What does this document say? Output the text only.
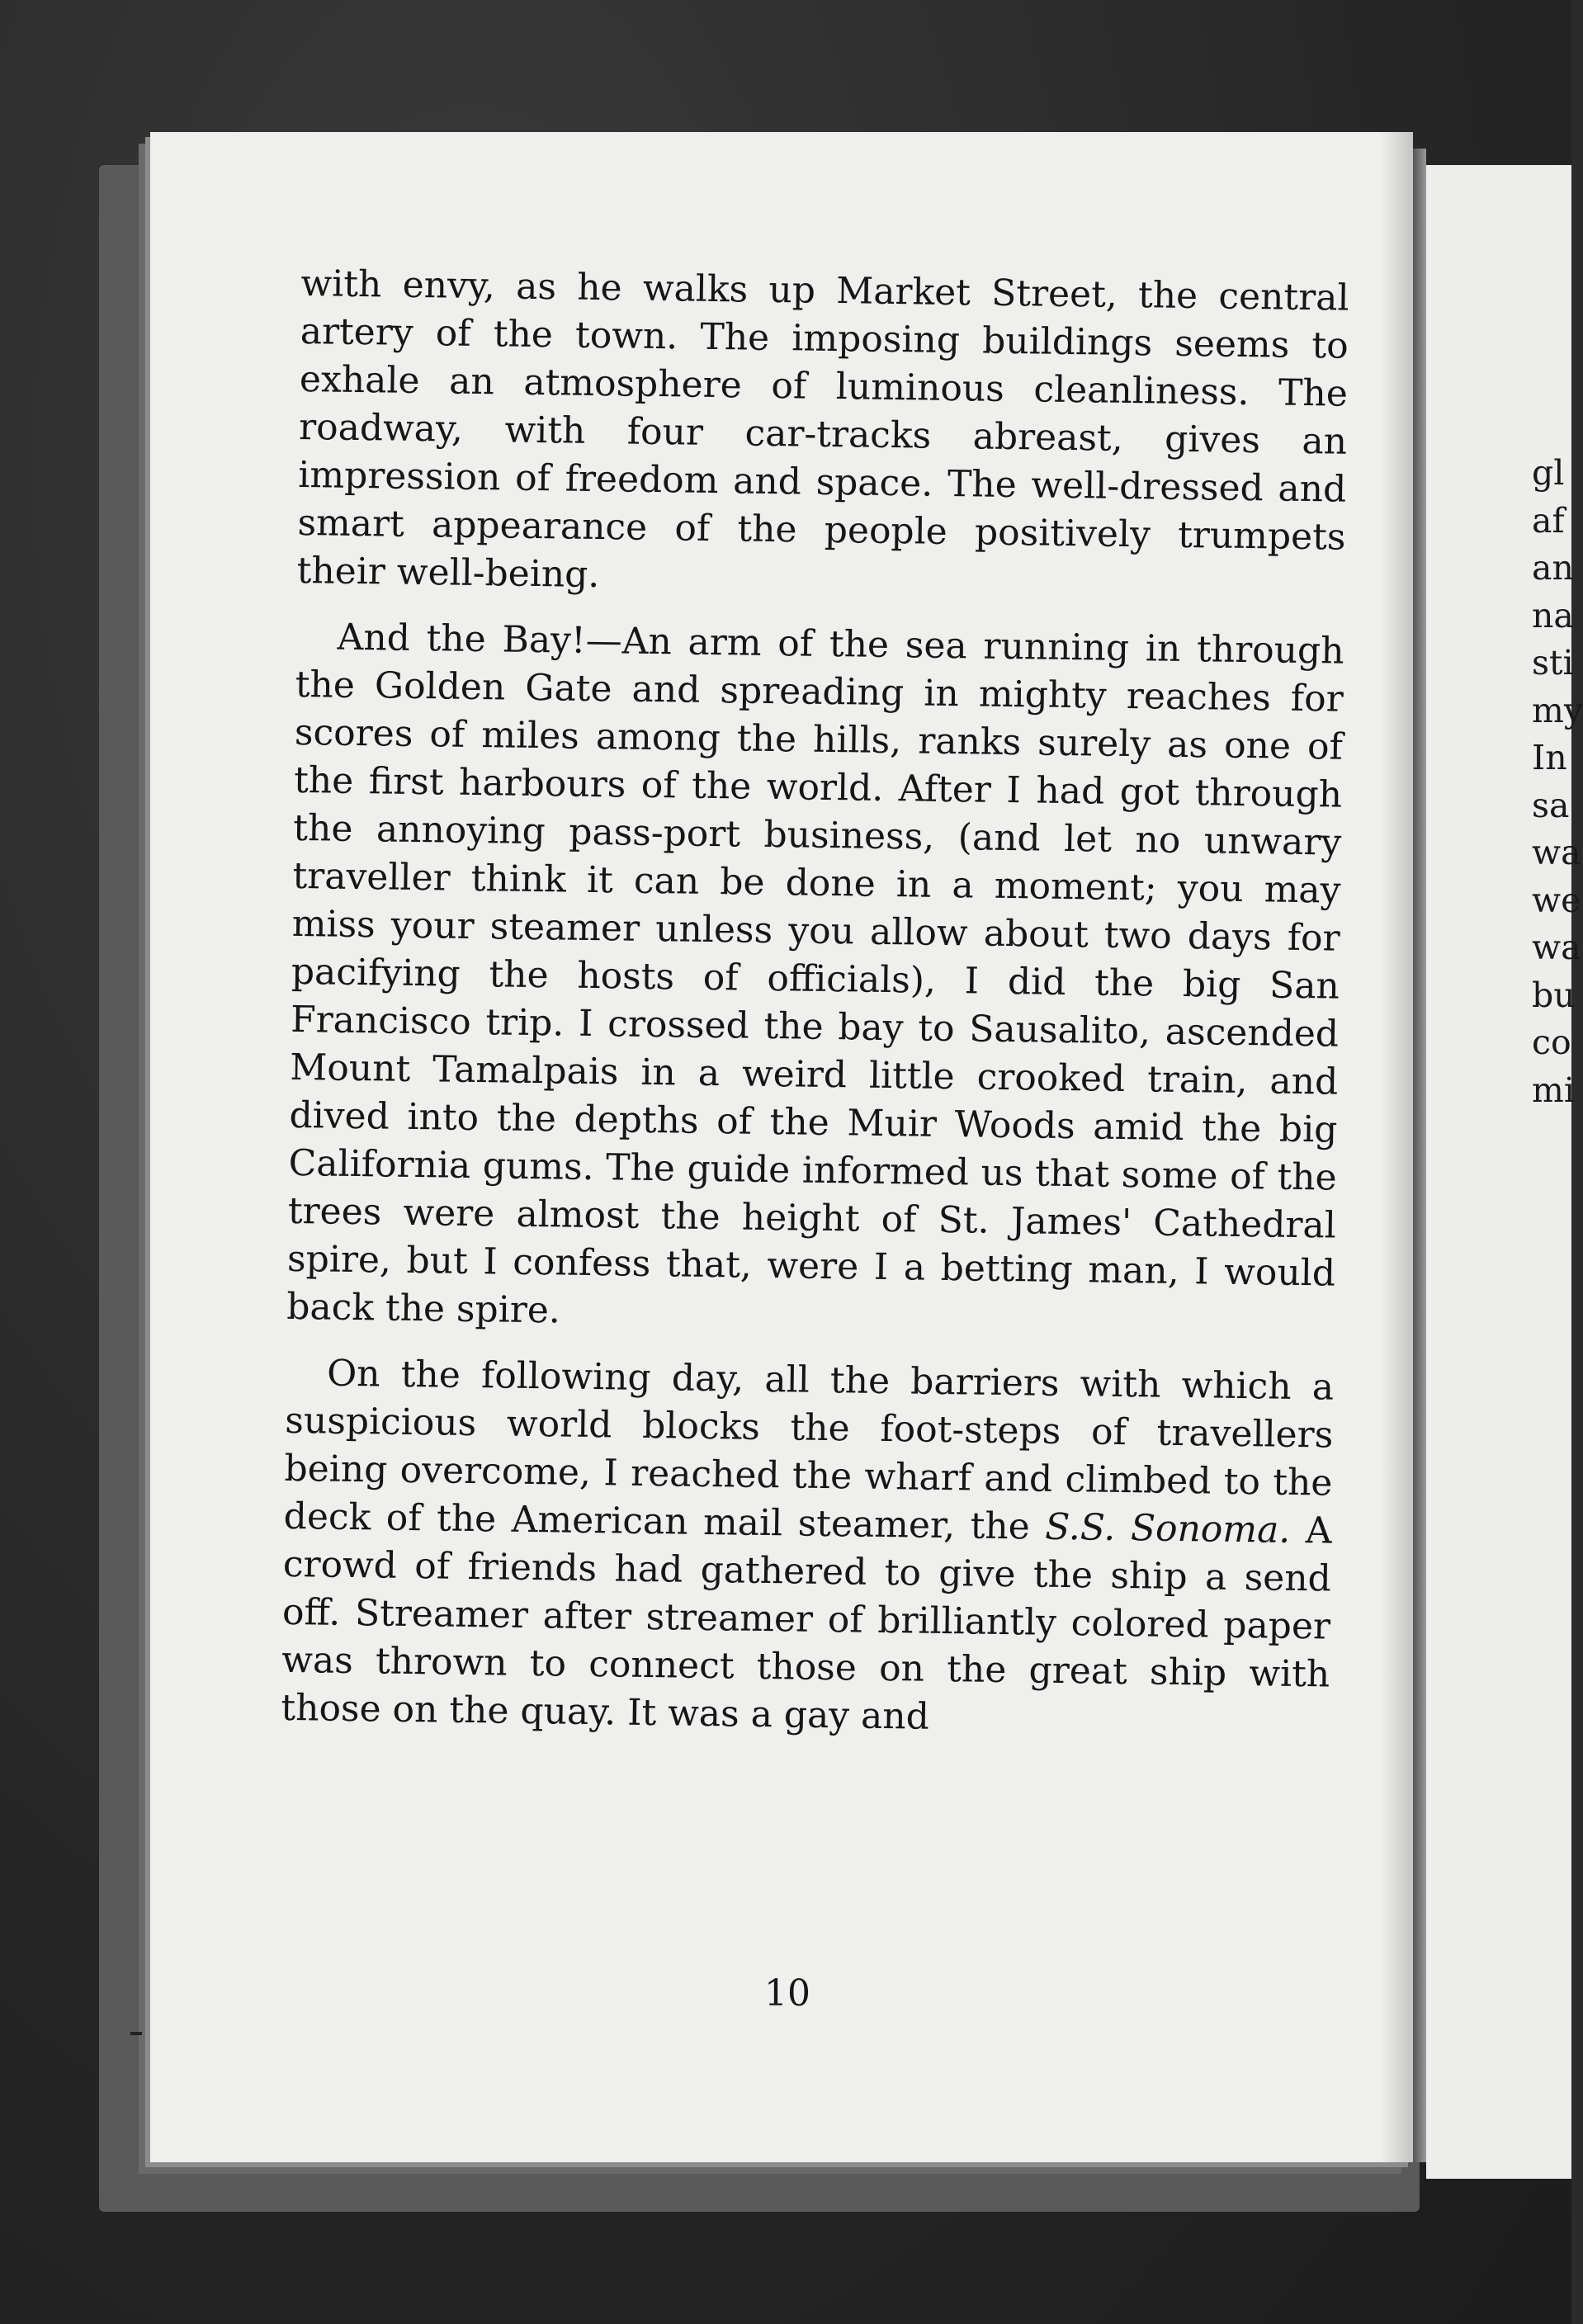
gl
af
an
na
sti
my
In
sa
wa
we
wa
bu
co
mi

with envy, as he walks up Market Street, the central artery of the town. The imposing buildings seems to exhale an atmosphere of luminous cleanliness. The roadway, with four car-tracks abreast, gives an impression of freedom and space. The well-dressed and smart appearance of the people positively trumpets their well-being.

And the Bay!—An arm of the sea running in through the Golden Gate and spreading in mighty reaches for scores of miles among the hills, ranks surely as one of the first harbours of the world. After I had got through the annoying pass-port business, (and let no unwary traveller think it can be done in a moment; you may miss your steamer unless you allow about two days for pacifying the hosts of officials), I did the big San Francisco trip. I crossed the bay to Sausalito, ascended Mount Tamalpais in a weird little crooked train, and dived into the depths of the Muir Woods amid the big California gums. The guide informed us that some of the trees were almost the height of St. James' Cathedral spire, but I confess that, were I a betting man, I would back the spire.

On the following day, all the barriers with which a suspicious world blocks the foot-steps of travellers being overcome, I reached the wharf and climbed to the deck of the American mail steamer, the S.S. Sonoma. A crowd of friends had gathered to give the ship a send off. Streamer after streamer of brilliantly colored paper was thrown to connect those on the great ship with those on the quay. It was a gay and

10
